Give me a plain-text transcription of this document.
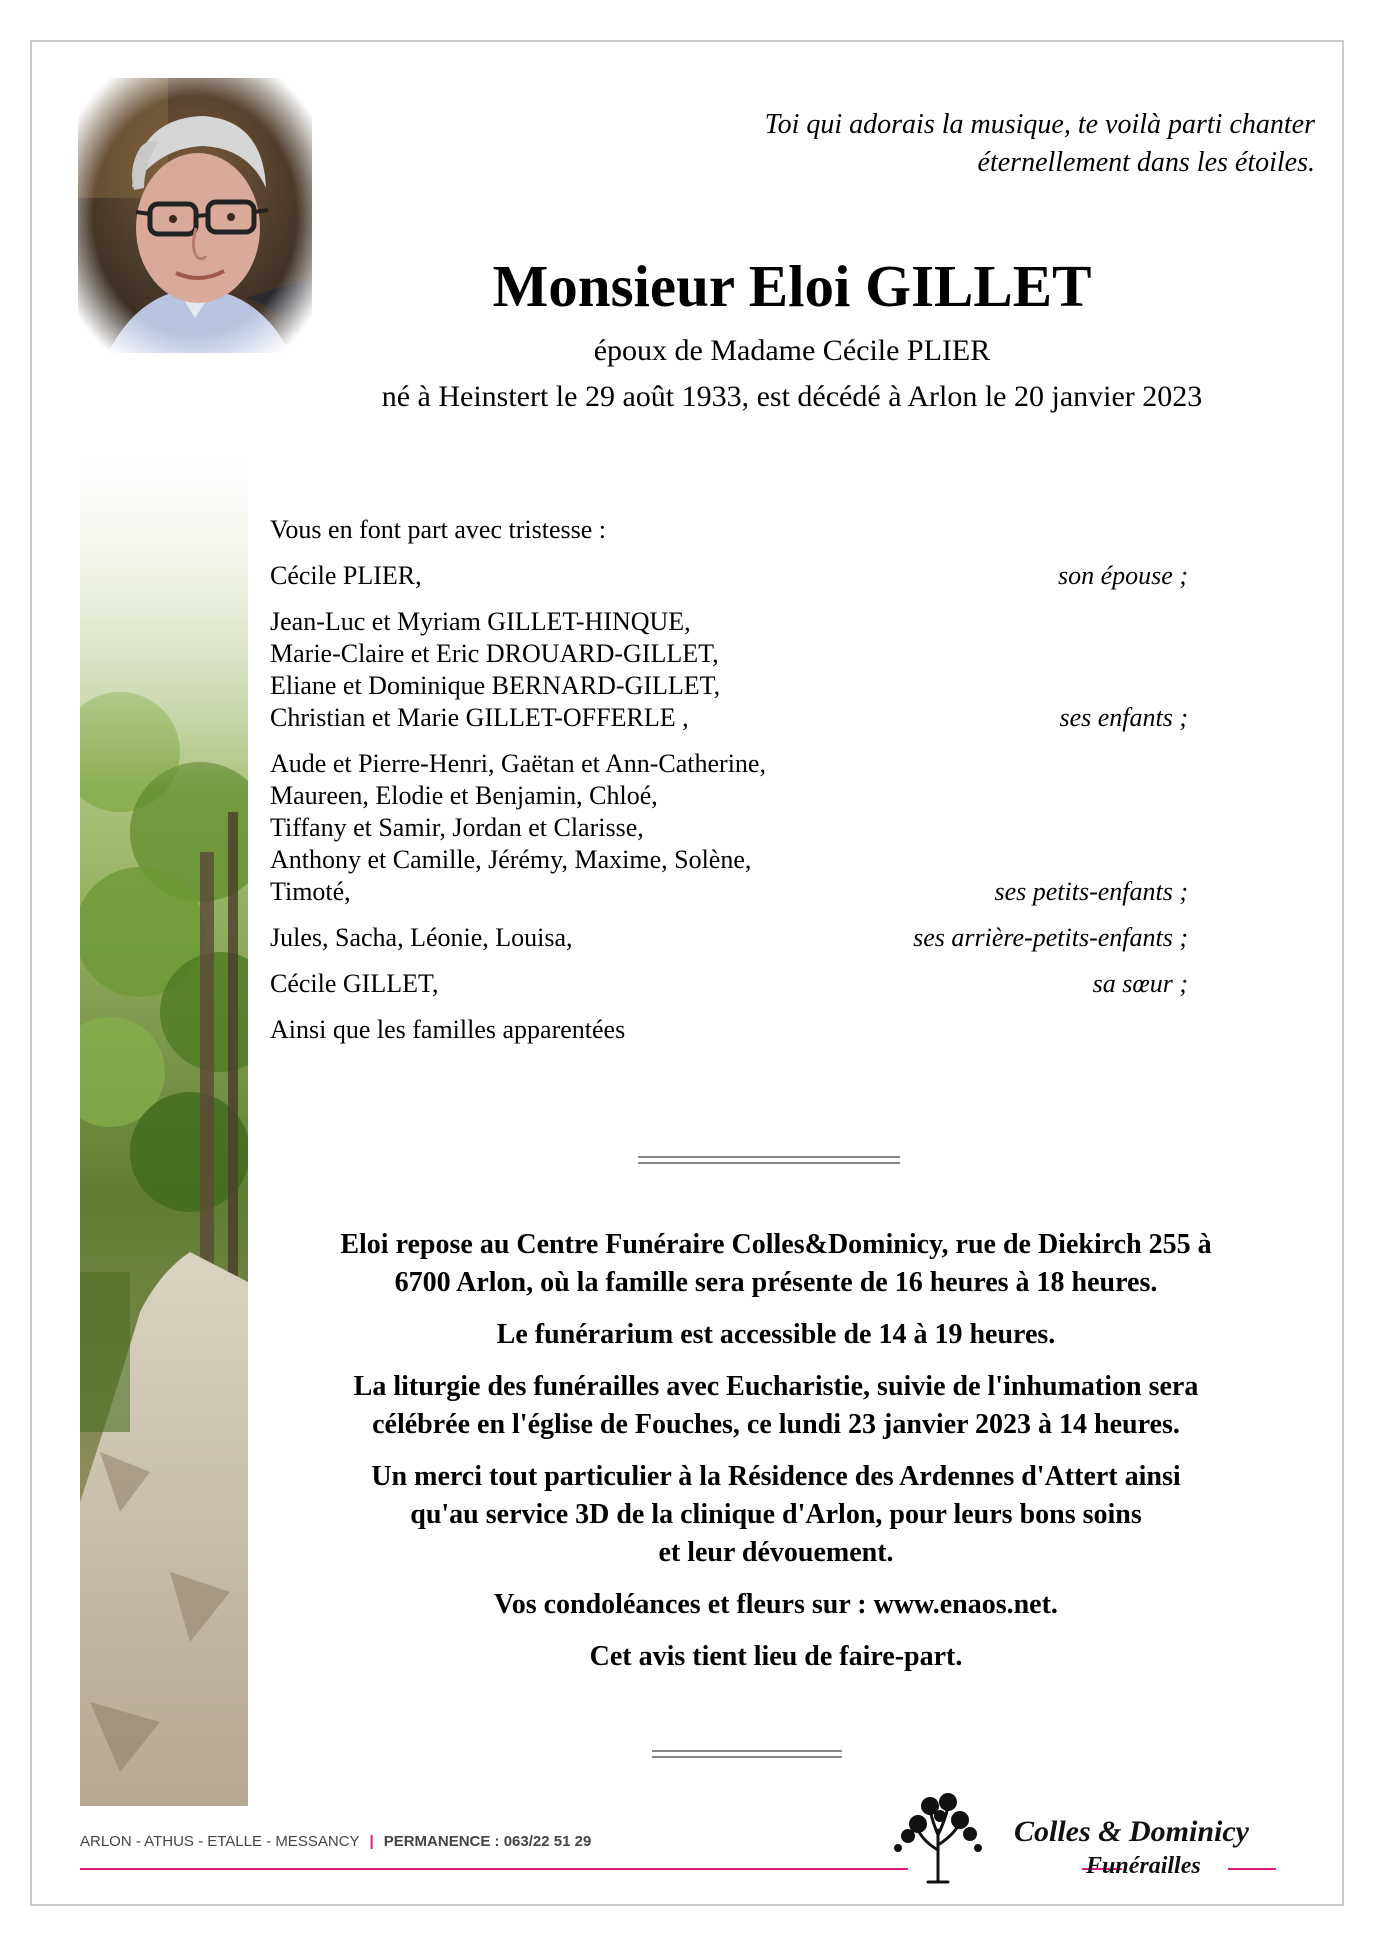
Toi qui adorais la musique, te voilà parti chanter
éternellement dans les étoiles.
Monsieur Eloi GILLET
époux de Madame Cécile PLIER
né à Heinstert le 29 août 1933, est décédé à Arlon le 20 janvier 2023
Vous en font part avec tristesse :
Cécile PLIER,	son épouse ;
Jean-Luc et Myriam GILLET-HINQUE,
Marie-Claire et Eric DROUARD-GILLET,
Eliane et Dominique BERNARD-GILLET,
Christian et Marie GILLET-OFFERLE ,	ses enfants ;
Aude et Pierre-Henri, Gaëtan et Ann-Catherine,
Maureen, Elodie et Benjamin, Chloé,
Tiffany et Samir, Jordan et Clarisse,
Anthony et Camille, Jérémy, Maxime, Solène,
Timoté,	ses petits-enfants ;
Jules, Sacha, Léonie, Louisa,	ses arrière-petits-enfants ;
Cécile GILLET,	sa sœur ;
Ainsi que les familles apparentées

Eloi repose au Centre Funéraire Colles&Dominicy, rue de Diekirch 255 à
6700 Arlon, où la famille sera présente de 16 heures à 18 heures.

Le funérarium est accessible de 14 à 19 heures.

La liturgie des funérailles avec Eucharistie, suivie de l'inhumation sera
célébrée en l'église de Fouches, ce lundi 23 janvier 2023 à 14 heures.

Un merci tout particulier à la Résidence des Ardennes d'Attert ainsi
qu'au service 3D de la clinique d'Arlon, pour leurs bons soins
et leur dévouement.

Vos condoléances et fleurs sur : www.enaos.net.

Cet avis tient lieu de faire-part.

ARLON - ATHUS - ETALLE - MESSANCY | PERMANENCE : 063/22 51 29	Colles & Dominicy
Funérailles
